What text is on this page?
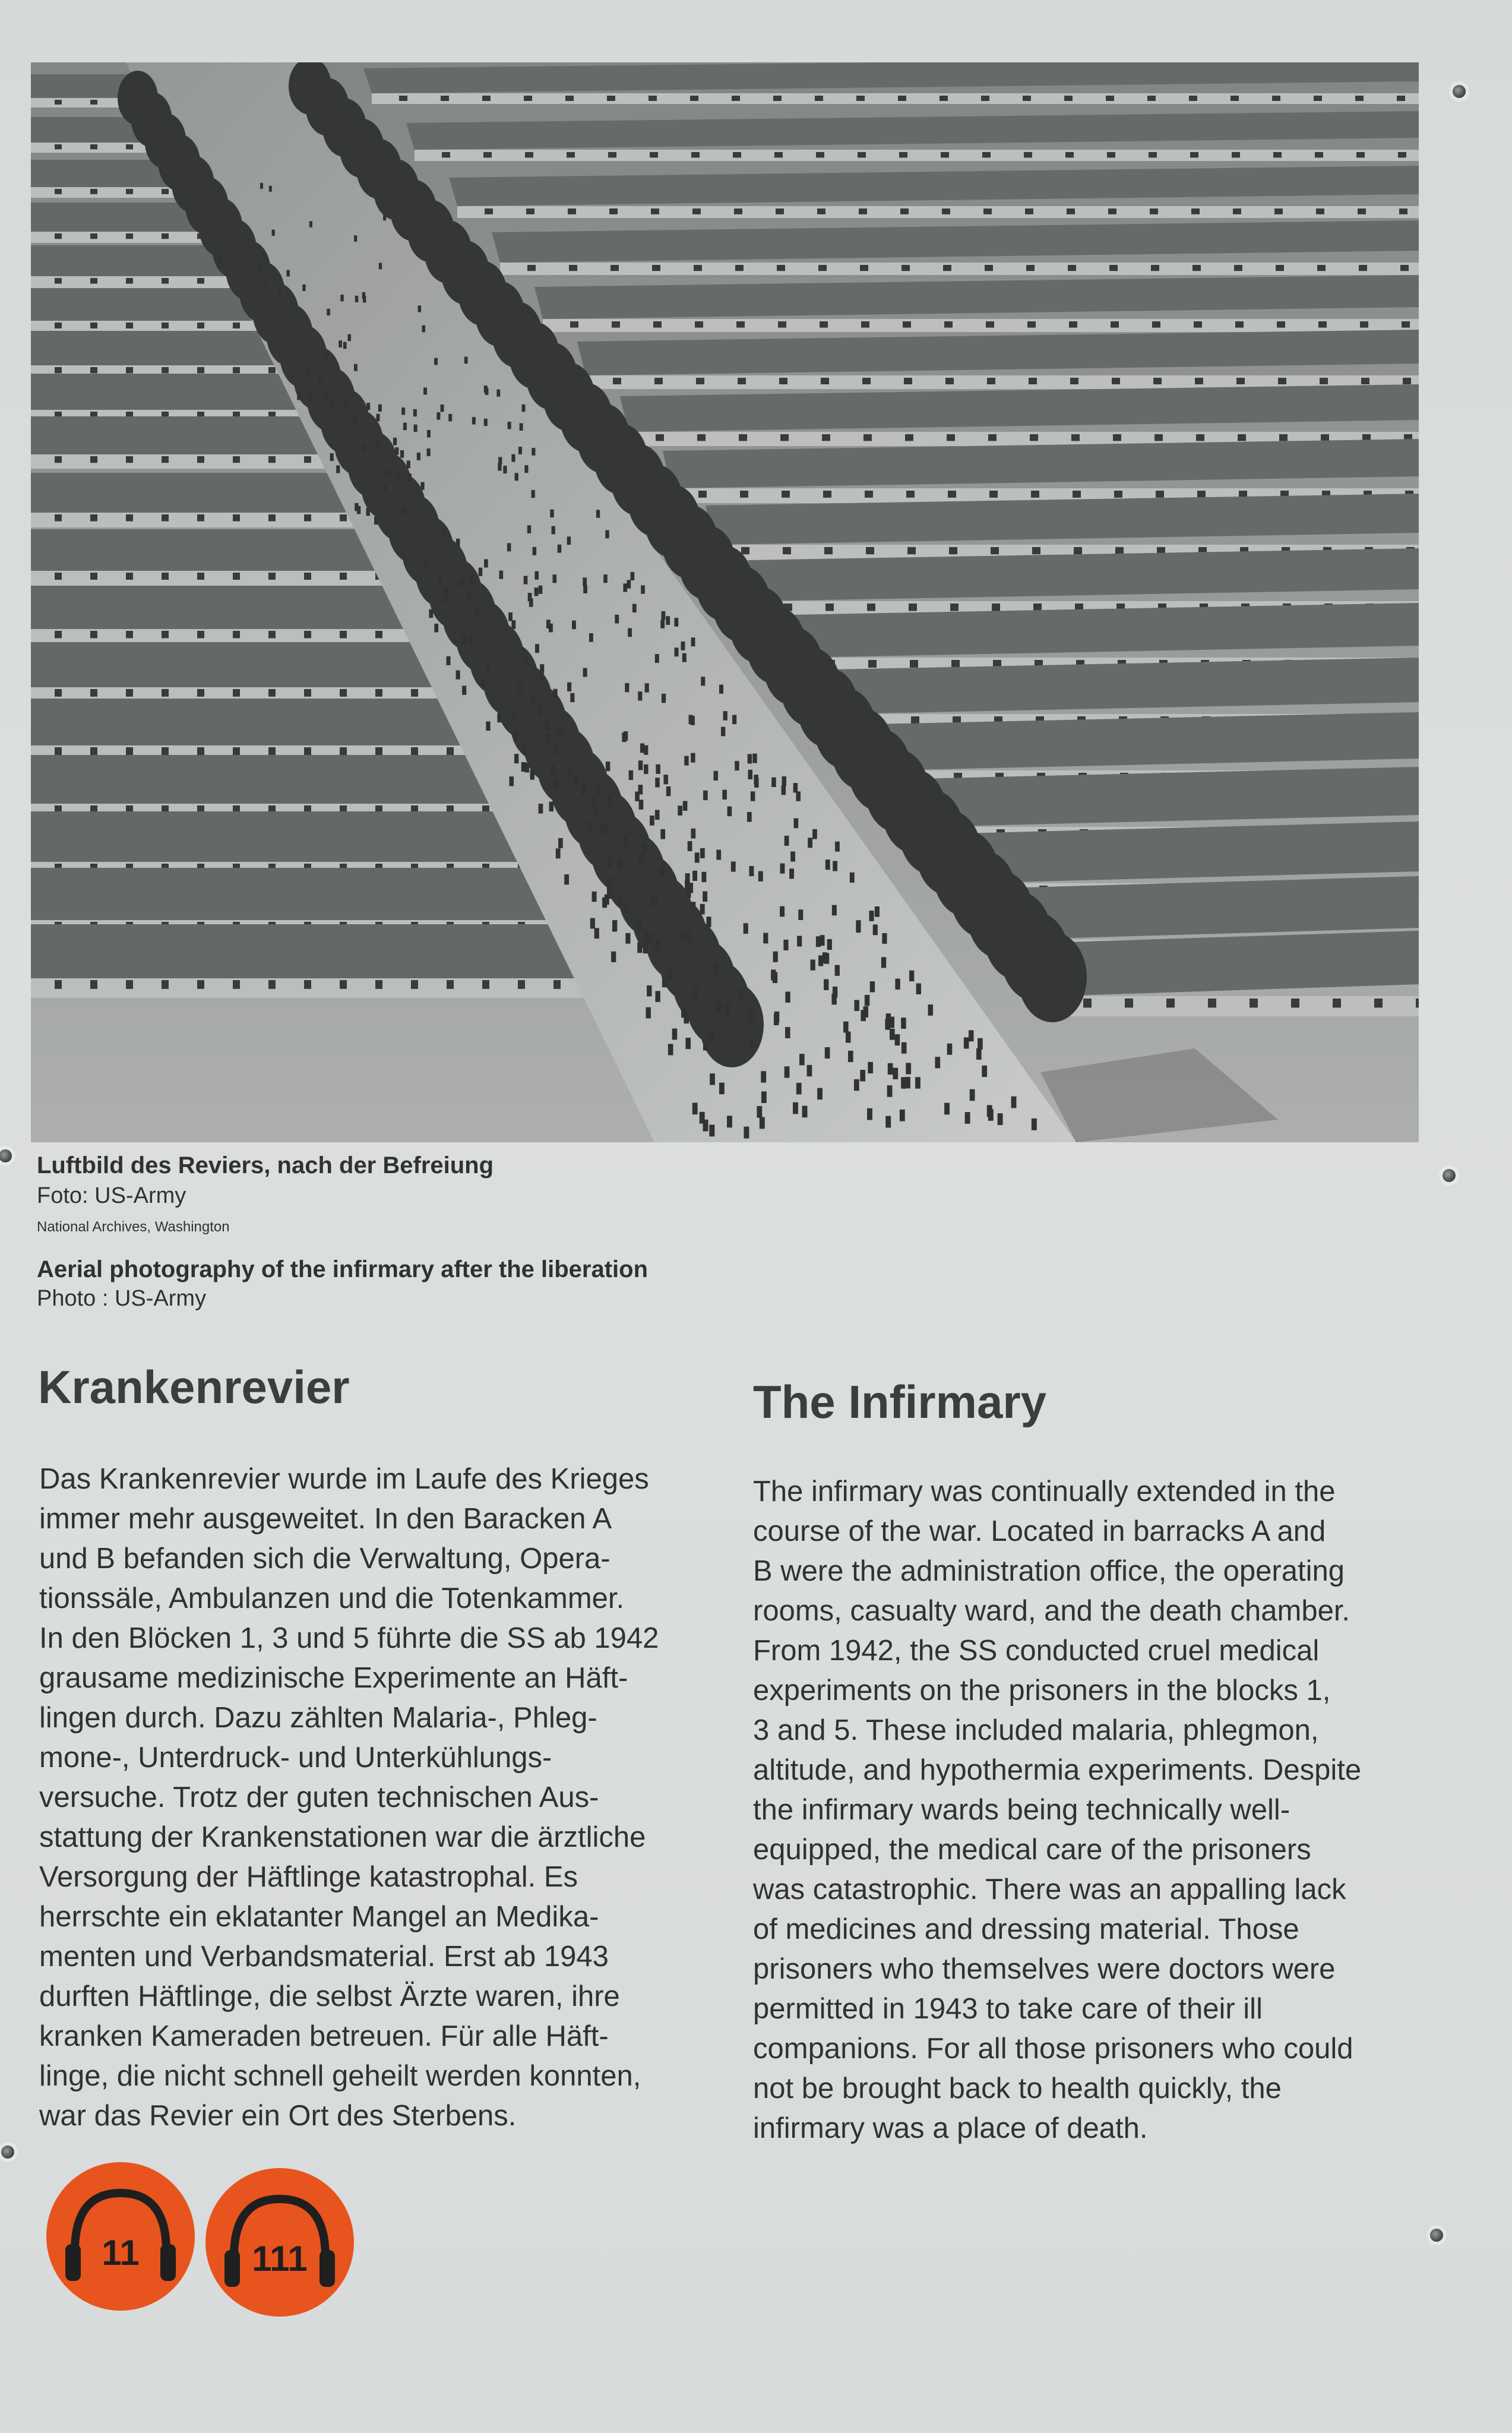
Luftbild des Reviers, nach der Befreiung
Foto: US-Army
National Archives, Washington
Aerial photography of the infirmary after the liberation
Photo : US-Army
Krankenrevier
Das Krankenrevier wurde im Laufe des Krieges
immer mehr ausgeweitet. In den Baracken A
und B befanden sich die Verwaltung, Opera-
tionssäle, Ambulanzen und die Totenkammer.
In den Blöcken 1, 3 und 5 führte die SS ab 1942
grausame medizinische Experimente an Häft-
lingen durch. Dazu zählten Malaria-, Phleg-
mone-, Unterdruck- und Unterkühlungs-
versuche. Trotz der guten technischen Aus-
stattung der Krankenstationen war die ärztliche
Versorgung der Häftlinge katastrophal. Es
herrschte ein eklatanter Mangel an Medika-
menten und Verbandsmaterial. Erst ab 1943
durften Häftlinge, die selbst Ärzte waren, ihre
kranken Kameraden betreuen. Für alle Häft-
linge, die nicht schnell geheilt werden konnten,
war das Revier ein Ort des Sterbens.
The Infirmary
The infirmary was continually extended in the
course of the war. Located in barracks A and
B were the administration office, the operating
rooms, casualty ward, and the death chamber.
From 1942, the SS conducted cruel medical
experiments on the prisoners in the blocks 1,
3 and 5. These included malaria, phlegmon,
altitude, and hypothermia experiments. Despite
the infirmary wards being technically well-
equipped, the medical care of the prisoners
was catastrophic. There was an appalling lack
of medicines and dressing material. Those
prisoners who themselves were doctors were
permitted in 1943 to take care of their ill
companions. For all those prisoners who could
not be brought back to health quickly, the
infirmary was a place of death.
11	111
